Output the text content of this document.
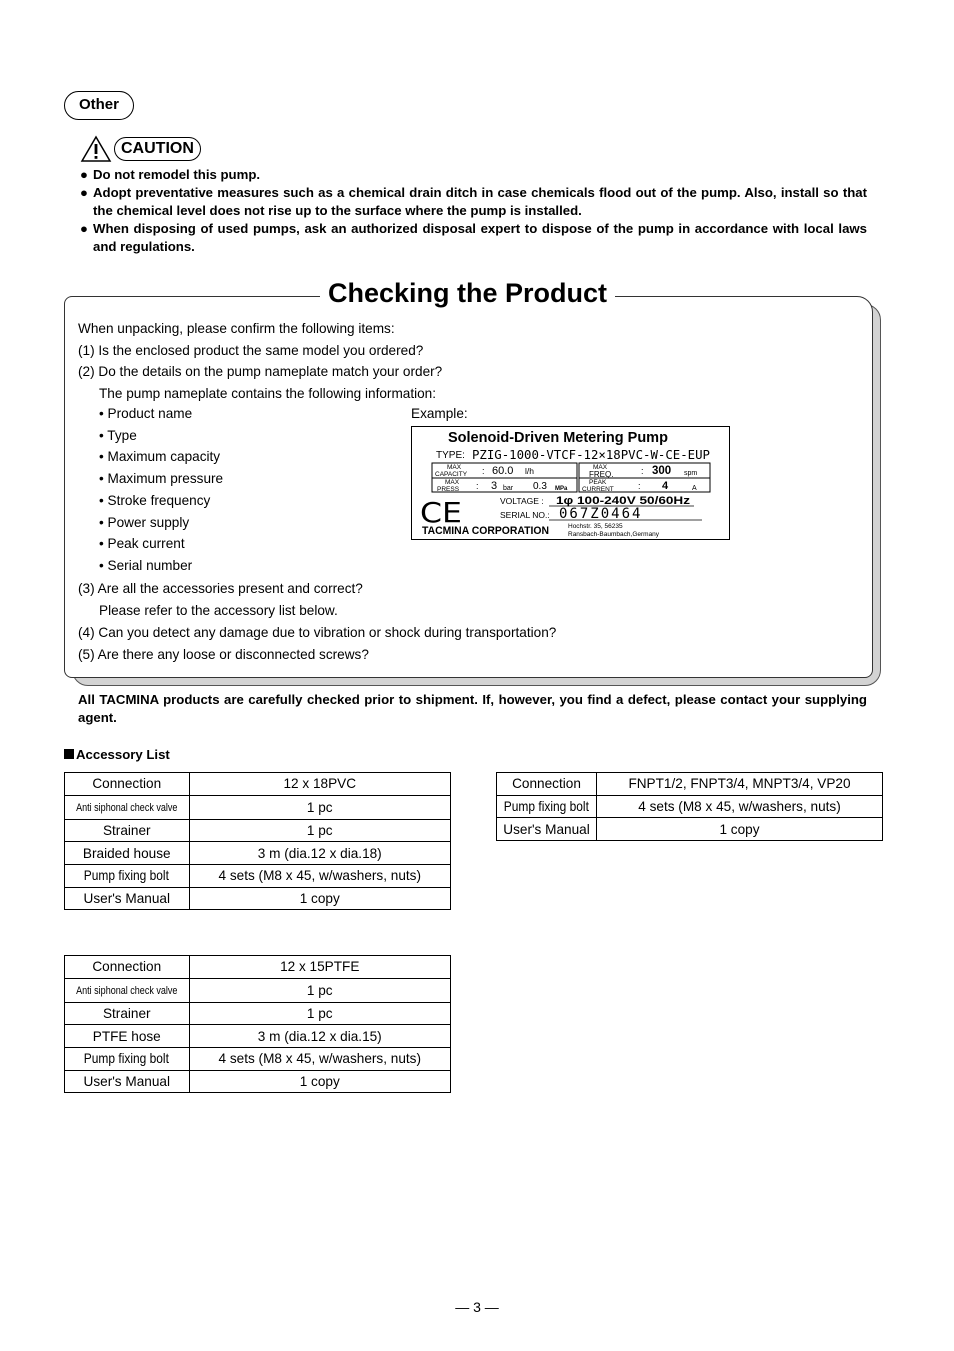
Other
CAUTION
● Do not remodel this pump.
● Adopt preventative measures such as a chemical drain ditch in case chemicals flood out of the pump. Also, install so that the chemical level does not rise up to the surface where the pump is installed.
● When disposing of used pumps, ask an authorized disposal expert to dispose of the pump in accordance with local laws and regulations.
Checking the Product
When unpacking, please confirm the following items:
(1) Is the enclosed product the same model you ordered?
(2) Do the details on the pump nameplate match your order?
The pump nameplate contains the following information:
(3) Are all the accessories present and correct?
Please refer to the accessory list below.
(4) Can you detect any damage due to vibration or shock during transportation?
(5) Are there any loose or disconnected screws?
• Product name
• Type
• Maximum capacity
• Maximum pressure
• Stroke frequency
• Power supply
• Peak current
• Serial number
Example:
Solenoid-Driven Metering Pump
TYPE: PZIG-1000-VTCF-12×18PVC-W-CE-EUP
MAX
CAPACITY : 60.0 l/h	MAX
FREQ.	: 300 spm
MAX
PRESS : 3 bar 0.3 MPa
PEAK
CURRENT	: 4	A
CE	VOLTAGE : 1φ 100-240V 50/60Hz
SERIAL NO.: 067Z0464
TACMINA CORPORATION	Hochstr. 35, 56235
Ransbach-Baumbach,Germany
All TACMINA products are carefully checked prior to shipment. If, however, you find a defect, please contact your supplying agent.
Accessory List
Connection	12 x 18PVC
Anti siphonal check valve	1 pc
Strainer	1 pc
Braided house	3 m (dia.12 x dia.18)
Pump fixing bolt	4 sets (M8 x 45, w/washers, nuts)
User's Manual	1 copy
Connection	FNPT1/2, FNPT3/4, MNPT3/4, VP20
Pump fixing bolt	4 sets (M8 x 45, w/washers, nuts)
User's Manual	1 copy
Connection	12 x 15PTFE
Anti siphonal check valve	1 pc
Strainer	1 pc
PTFE hose	3 m (dia.12 x dia.15)
Pump fixing bolt	4 sets (M8 x 45, w/washers, nuts)
User's Manual	1 copy
— 3 —
